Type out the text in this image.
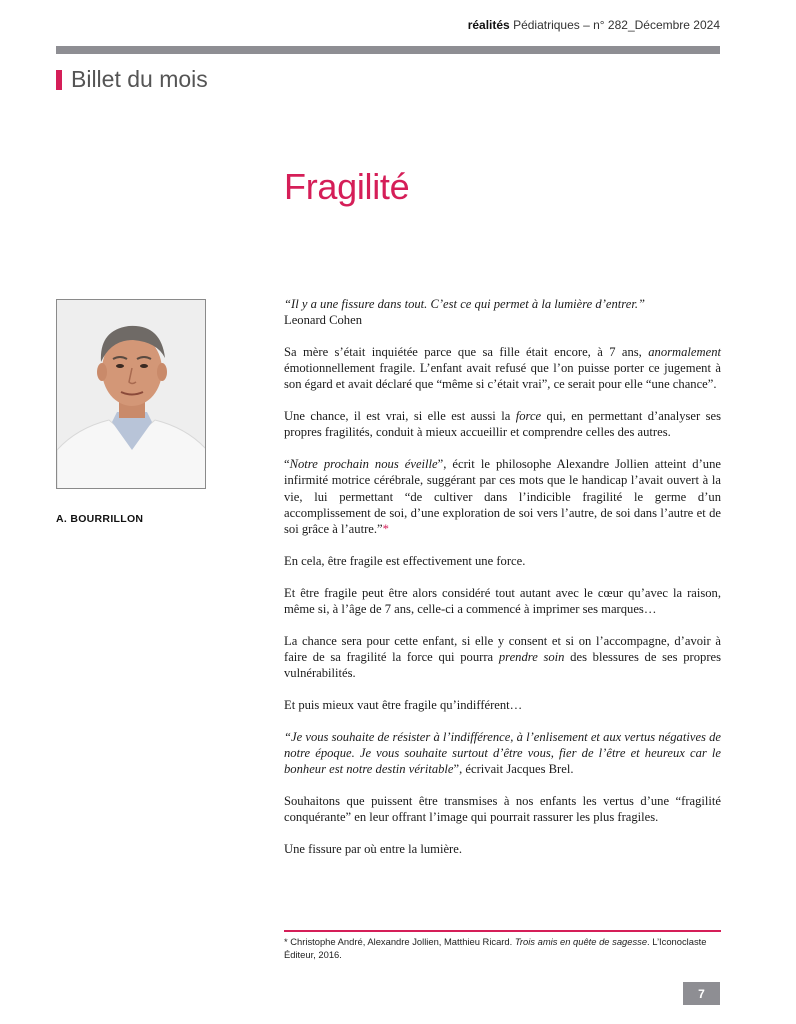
réalités Pédiatriques – n° 282_Décembre 2024
Billet du mois
Fragilité
A. BOURRILLON

“Il y a une fissure dans tout. C’est ce qui permet à la lumière d’entrer.”
Leonard Cohen

Sa mère s’était inquiétée parce que sa fille était encore, à 7 ans, anormalement émotionnellement fragile. L’enfant avait refusé que l’on puisse porter ce jugement à son égard et avait déclaré que “même si c’était vrai”, ce serait pour elle “une chance”.

Une chance, il est vrai, si elle est aussi la force qui, en permettant d’analyser ses propres fragilités, conduit à mieux accueillir et comprendre celles des autres.

“Notre prochain nous éveille”, écrit le philosophe Alexandre Jollien atteint d’une infirmité motrice cérébrale, suggérant par ces mots que le handicap l’avait ouvert à la vie, lui permettant “de cultiver dans l’indicible fragilité le germe d’un accomplissement de soi, d’une exploration de soi vers l’autre, de soi dans l’autre et de soi grâce à l’autre.”*

En cela, être fragile est effectivement une force.

Et être fragile peut être alors considéré tout autant avec le cœur qu’avec la raison, même si, à l’âge de 7 ans, celle-ci a commencé à imprimer ses marques…

La chance sera pour cette enfant, si elle y consent et si on l’accompagne, d’avoir à faire de sa fragilité la force qui pourra prendre soin des blessures de ses propres vulnérabilités.

Et puis mieux vaut être fragile qu’indifférent…

“Je vous souhaite de résister à l’indifférence, à l’enlisement et aux vertus négatives de notre époque. Je vous souhaite surtout d’être vous, fier de l’être et heureux car le bonheur est notre destin véritable”, écrivait Jacques Brel.

Souhaitons que puissent être transmises à nos enfants les vertus d’une “fragilité conquérante” en leur offrant l’image qui pourrait rassurer les plus fragiles.

Une fissure par où entre la lumière.

* Christophe André, Alexandre Jollien, Matthieu Ricard. Trois amis en quête de sagesse. L’Iconoclaste Éditeur, 2016.
7
